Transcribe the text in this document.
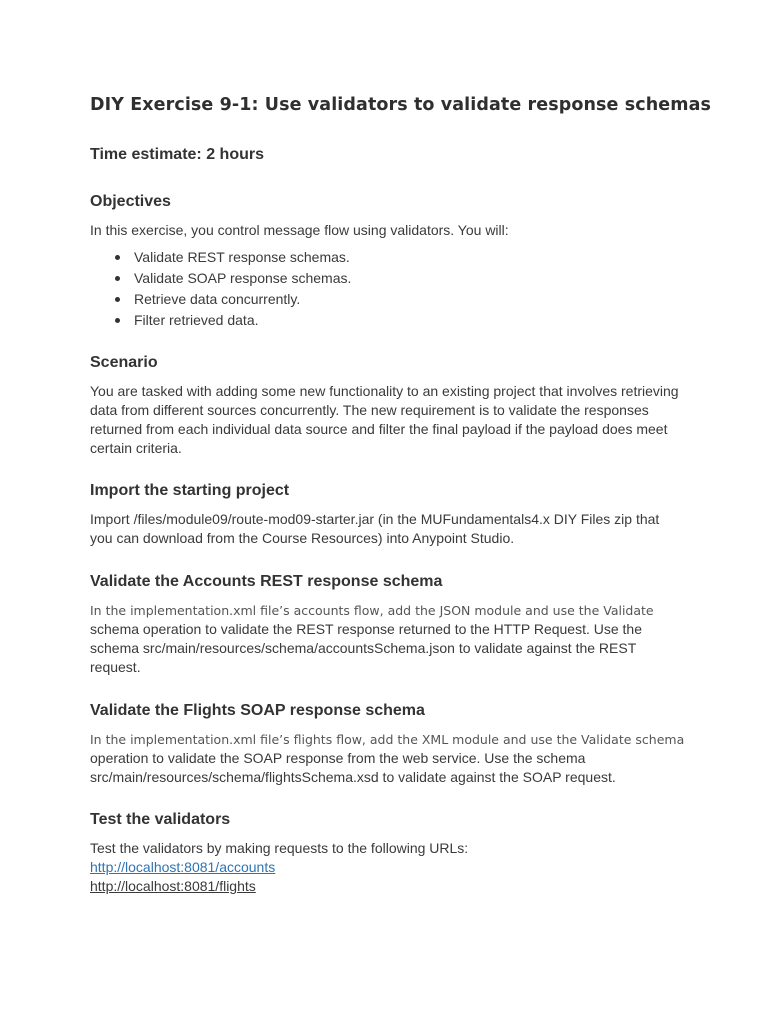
DIY Exercise 9-1: Use validators to validate response schemas
Time estimate: 2 hours
Objectives

In this exercise, you control message flow using validators. You will:

Validate REST response schemas.
Validate SOAP response schemas.
Retrieve data concurrently.
Filter retrieved data.
Scenario

You are tasked with adding some new functionality to an existing project that involves retrieving
data from different sources concurrently. The new requirement is to validate the responses
returned from each individual data source and filter the final payload if the payload does meet
certain criteria.

Import the starting project

Import /files/module09/route-mod09-starter.jar (in the MUFundamentals4.x DIY Files zip that
you can download from the Course Resources) into Anypoint Studio.

Validate the Accounts REST response schema

In the implementation.xml file’s accounts flow, add the JSON module and use the Validate
schema operation to validate the REST response returned to the HTTP Request. Use the
schema src/main/resources/schema/accountsSchema.json to validate against the REST
request.

Validate the Flights SOAP response schema

In the implementation.xml file’s flights flow, add the XML module and use the Validate schema
operation to validate the SOAP response from the web service. Use the schema
src/main/resources/schema/flightsSchema.xsd to validate against the SOAP request.

Test the validators

Test the validators by making requests to the following URLs:
http://localhost:8081/accounts
http://localhost:8081/flights
